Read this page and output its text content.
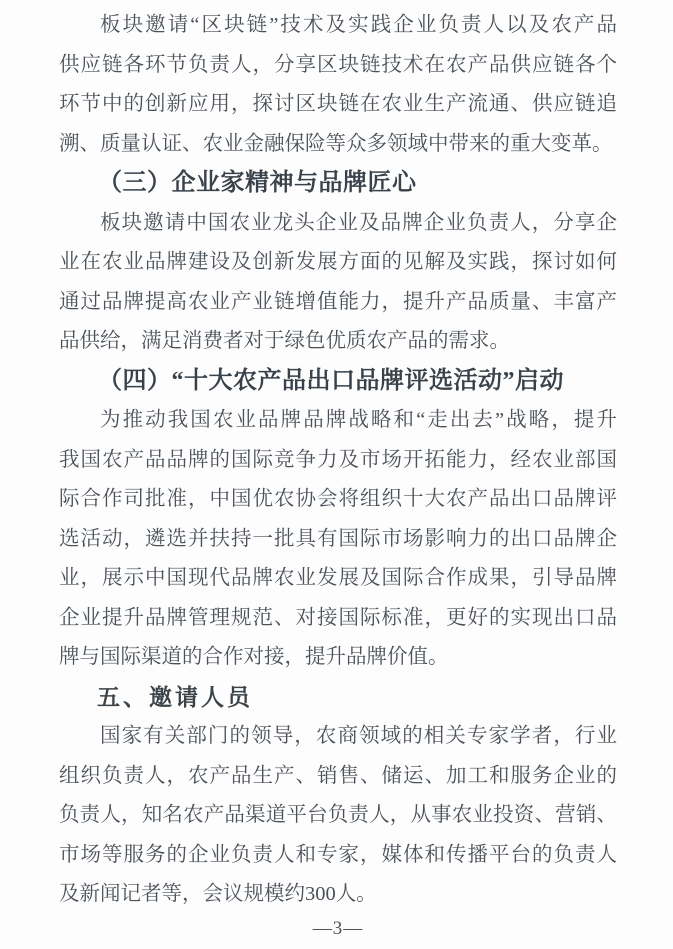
板块邀请“区块链”技术及实践企业负责人以及农产品
供应链各环节负责人，分享区块链技术在农产品供应链各个
环节中的创新应用，探讨区块链在农业生产流通、供应链追
溯、质量认证、农业金融保险等众多领域中带来的重大变革。
（三）企业家精神与品牌匠心
板块邀请中国农业龙头企业及品牌企业负责人，分享企
业在农业品牌建设及创新发展方面的见解及实践，探讨如何
通过品牌提高农业产业链增值能力，提升产品质量、丰富产
品供给，满足消费者对于绿色优质农产品的需求。
（四）“十大农产品出口品牌评选活动”启动
为推动我国农业品牌品牌战略和“走出去”战略，提升
我国农产品品牌的国际竞争力及市场开拓能力，经农业部国
际合作司批准，中国优农协会将组织十大农产品出口品牌评
选活动，遴选并扶持一批具有国际市场影响力的出口品牌企
业，展示中国现代品牌农业发展及国际合作成果，引导品牌
企业提升品牌管理规范、对接国际标准，更好的实现出口品
牌与国际渠道的合作对接，提升品牌价值。
五、邀请人员
国家有关部门的领导，农商领域的相关专家学者，行业
组织负责人，农产品生产、销售、储运、加工和服务企业的
负责人，知名农产品渠道平台负责人，从事农业投资、营销、
市场等服务的企业负责人和专家，媒体和传播平台的负责人
及新闻记者等，会议规模约300人。
—3—
